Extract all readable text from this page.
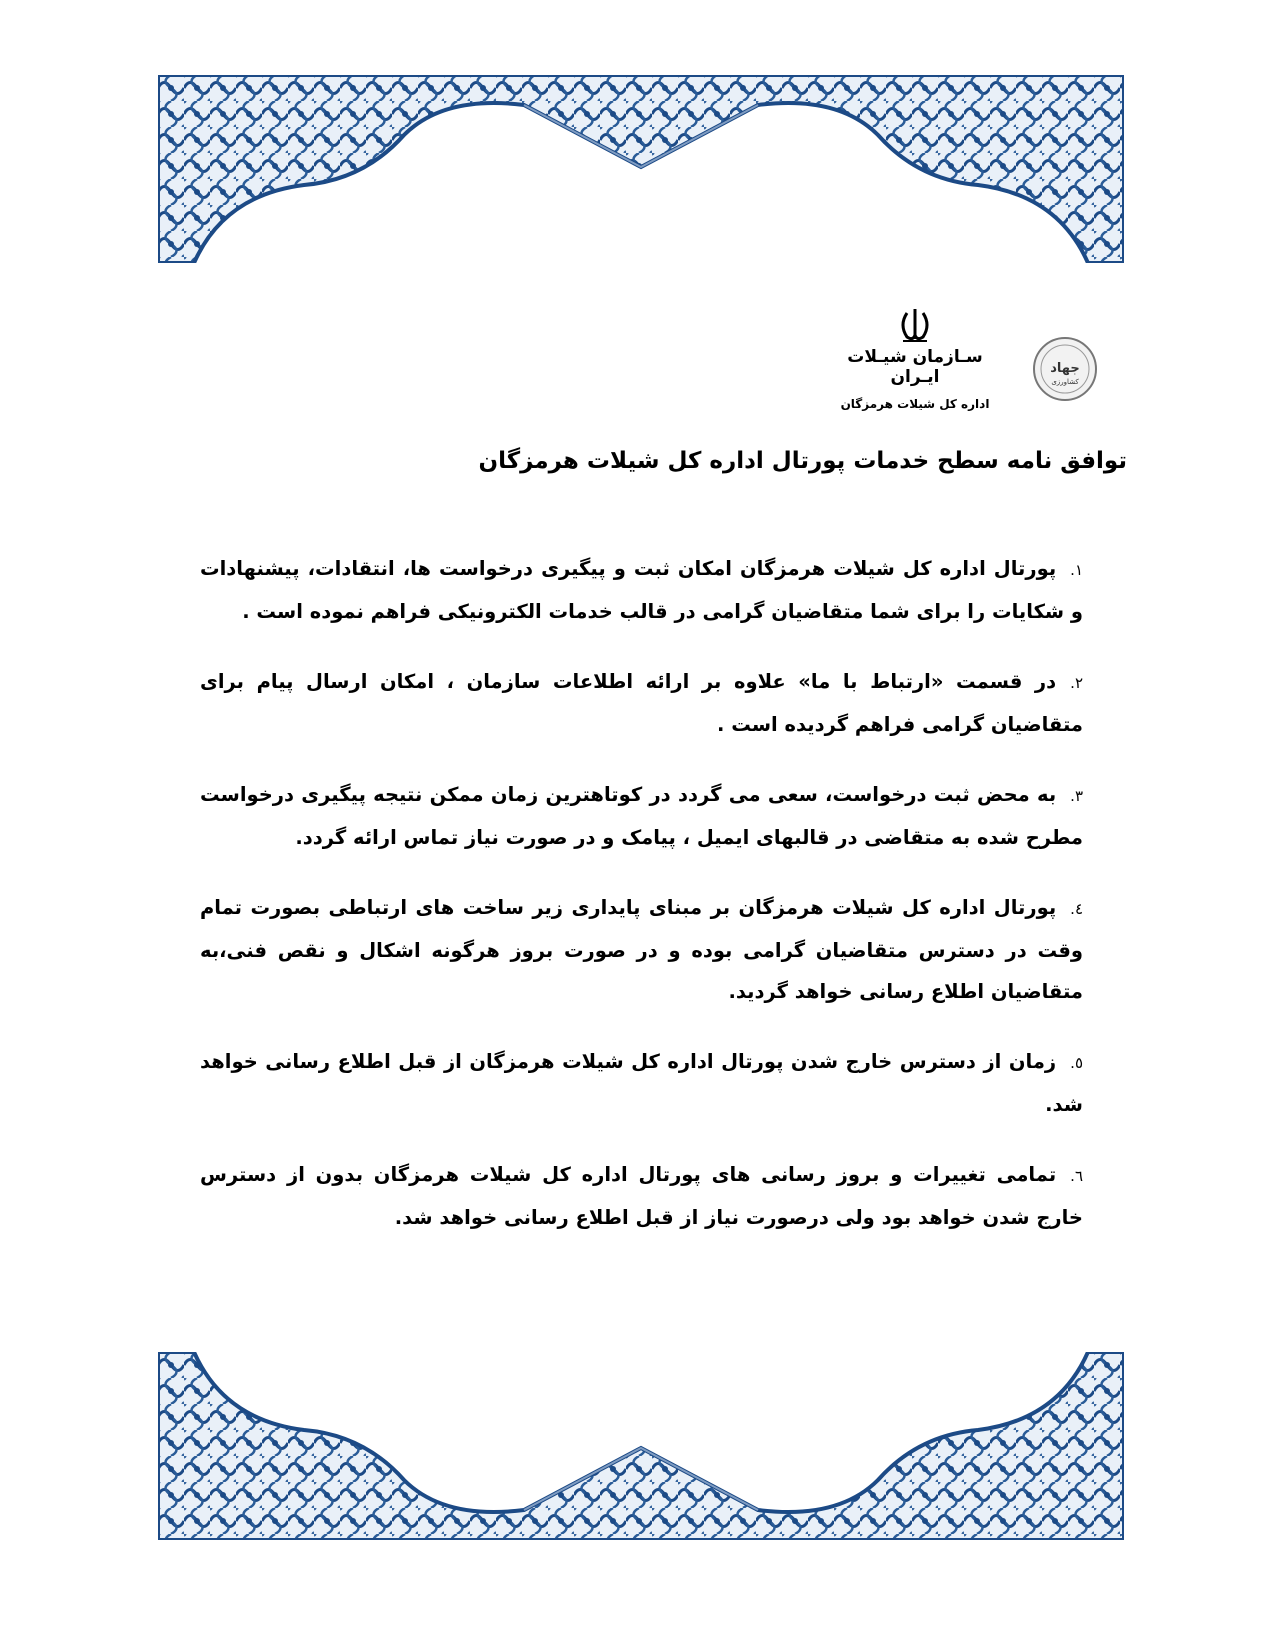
جهاد
کشاورزی
سـازمان شیـلات ایـران
اداره کل شیلات هرمزگان
توافق نامه سطح خدمات پورتال اداره کل شیلات هرمزگان
١.پورتال اداره کل شیلات هرمزگان امکان ثبت و پیگیری درخواست ها، انتقادات، پیشنهادات و شکایات را برای شما متقاضیان گرامی در قالب خدمات الکترونیکی فراهم نموده است .
٢.در قسمت «ارتباط با ما» علاوه بر ارائه اطلاعات سازمان ، امکان ارسال پیام برای متقاضیان گرامی فراهم گردیده است .
٣.به محض ثبت درخواست، سعی می گردد در کوتاهترین زمان ممکن نتیجه پیگیری درخواست مطرح شده به متقاضی در قالبهای ایمیل ، پیامک و در صورت نیاز تماس ارائه گردد.
٤.پورتال اداره کل شیلات هرمزگان بر مبنای پایداری زیر ساخت های ارتباطی بصورت تمام وقت در دسترس متقاضیان گرامی بوده و در صورت بروز هرگونه اشکال و نقص فنی،به متقاضیان اطلاع رسانی خواهد گردید.
٥.زمان از دسترس خارج شدن پورتال اداره کل شیلات هرمزگان از قبل اطلاع رسانی خواهد شد.
٦.تمامی تغییرات و بروز رسانی های پورتال اداره کل شیلات هرمزگان بدون از دسترس خارج شدن خواهد بود ولی درصورت نیاز از قبل اطلاع رسانی خواهد شد.
